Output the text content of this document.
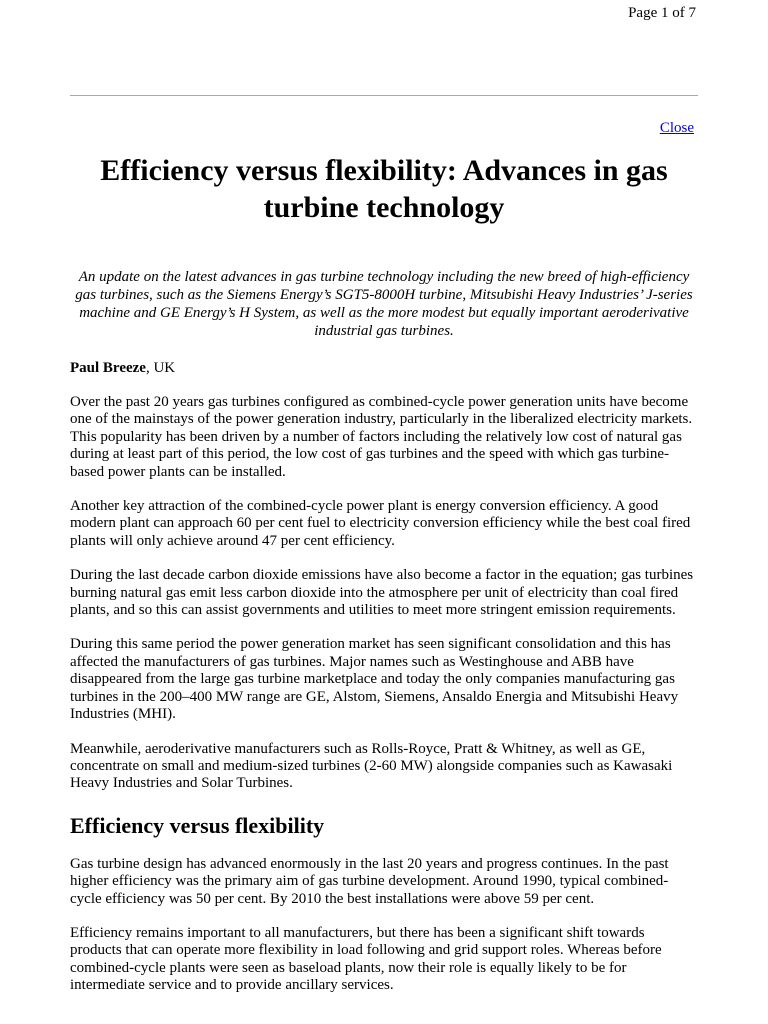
Page 1 of 7
Close
Efficiency versus flexibility: Advances in gas turbine technology

An update on the latest advances in gas turbine technology including the new breed of high-efficiency gas turbines, such as the Siemens Energy’s SGT5-8000H turbine, Mitsubishi Heavy Industries’ J-series machine and GE Energy’s H System, as well as the more modest but equally important aeroderivative industrial gas turbines.

Paul Breeze, UK

Over the past 20 years gas turbines configured as combined-cycle power generation units have become one of the mainstays of the power generation industry, particularly in the liberalized electricity markets. This popularity has been driven by a number of factors including the relatively low cost of natural gas during at least part of this period, the low cost of gas turbines and the speed with which gas turbine-based power plants can be installed.

Another key attraction of the combined-cycle power plant is energy conversion efficiency. A good modern plant can approach 60 per cent fuel to electricity conversion efficiency while the best coal fired plants will only achieve around 47 per cent efficiency.

During the last decade carbon dioxide emissions have also become a factor in the equation; gas turbines burning natural gas emit less carbon dioxide into the atmosphere per unit of electricity than coal fired plants, and so this can assist governments and utilities to meet more stringent emission requirements.

During this same period the power generation market has seen significant consolidation and this has affected the manufacturers of gas turbines. Major names such as Westinghouse and ABB have disappeared from the large gas turbine marketplace and today the only companies manufacturing gas turbines in the 200–400 MW range are GE, Alstom, Siemens, Ansaldo Energia and Mitsubishi Heavy Industries (MHI).

Meanwhile, aeroderivative manufacturers such as Rolls-Royce, Pratt & Whitney, as well as GE, concentrate on small and medium-sized turbines (2-60 MW) alongside companies such as Kawasaki Heavy Industries and Solar Turbines.

Efficiency versus flexibility

Gas turbine design has advanced enormously in the last 20 years and progress continues. In the past higher efficiency was the primary aim of gas turbine development. Around 1990, typical combined-cycle efficiency was 50 per cent. By 2010 the best installations were above 59 per cent.

Efficiency remains important to all manufacturers, but there has been a significant shift towards products that can operate more flexibility in load following and grid support roles. Whereas before combined-cycle plants were seen as baseload plants, now their role is equally likely to be for intermediate service and to provide ancillary services.
